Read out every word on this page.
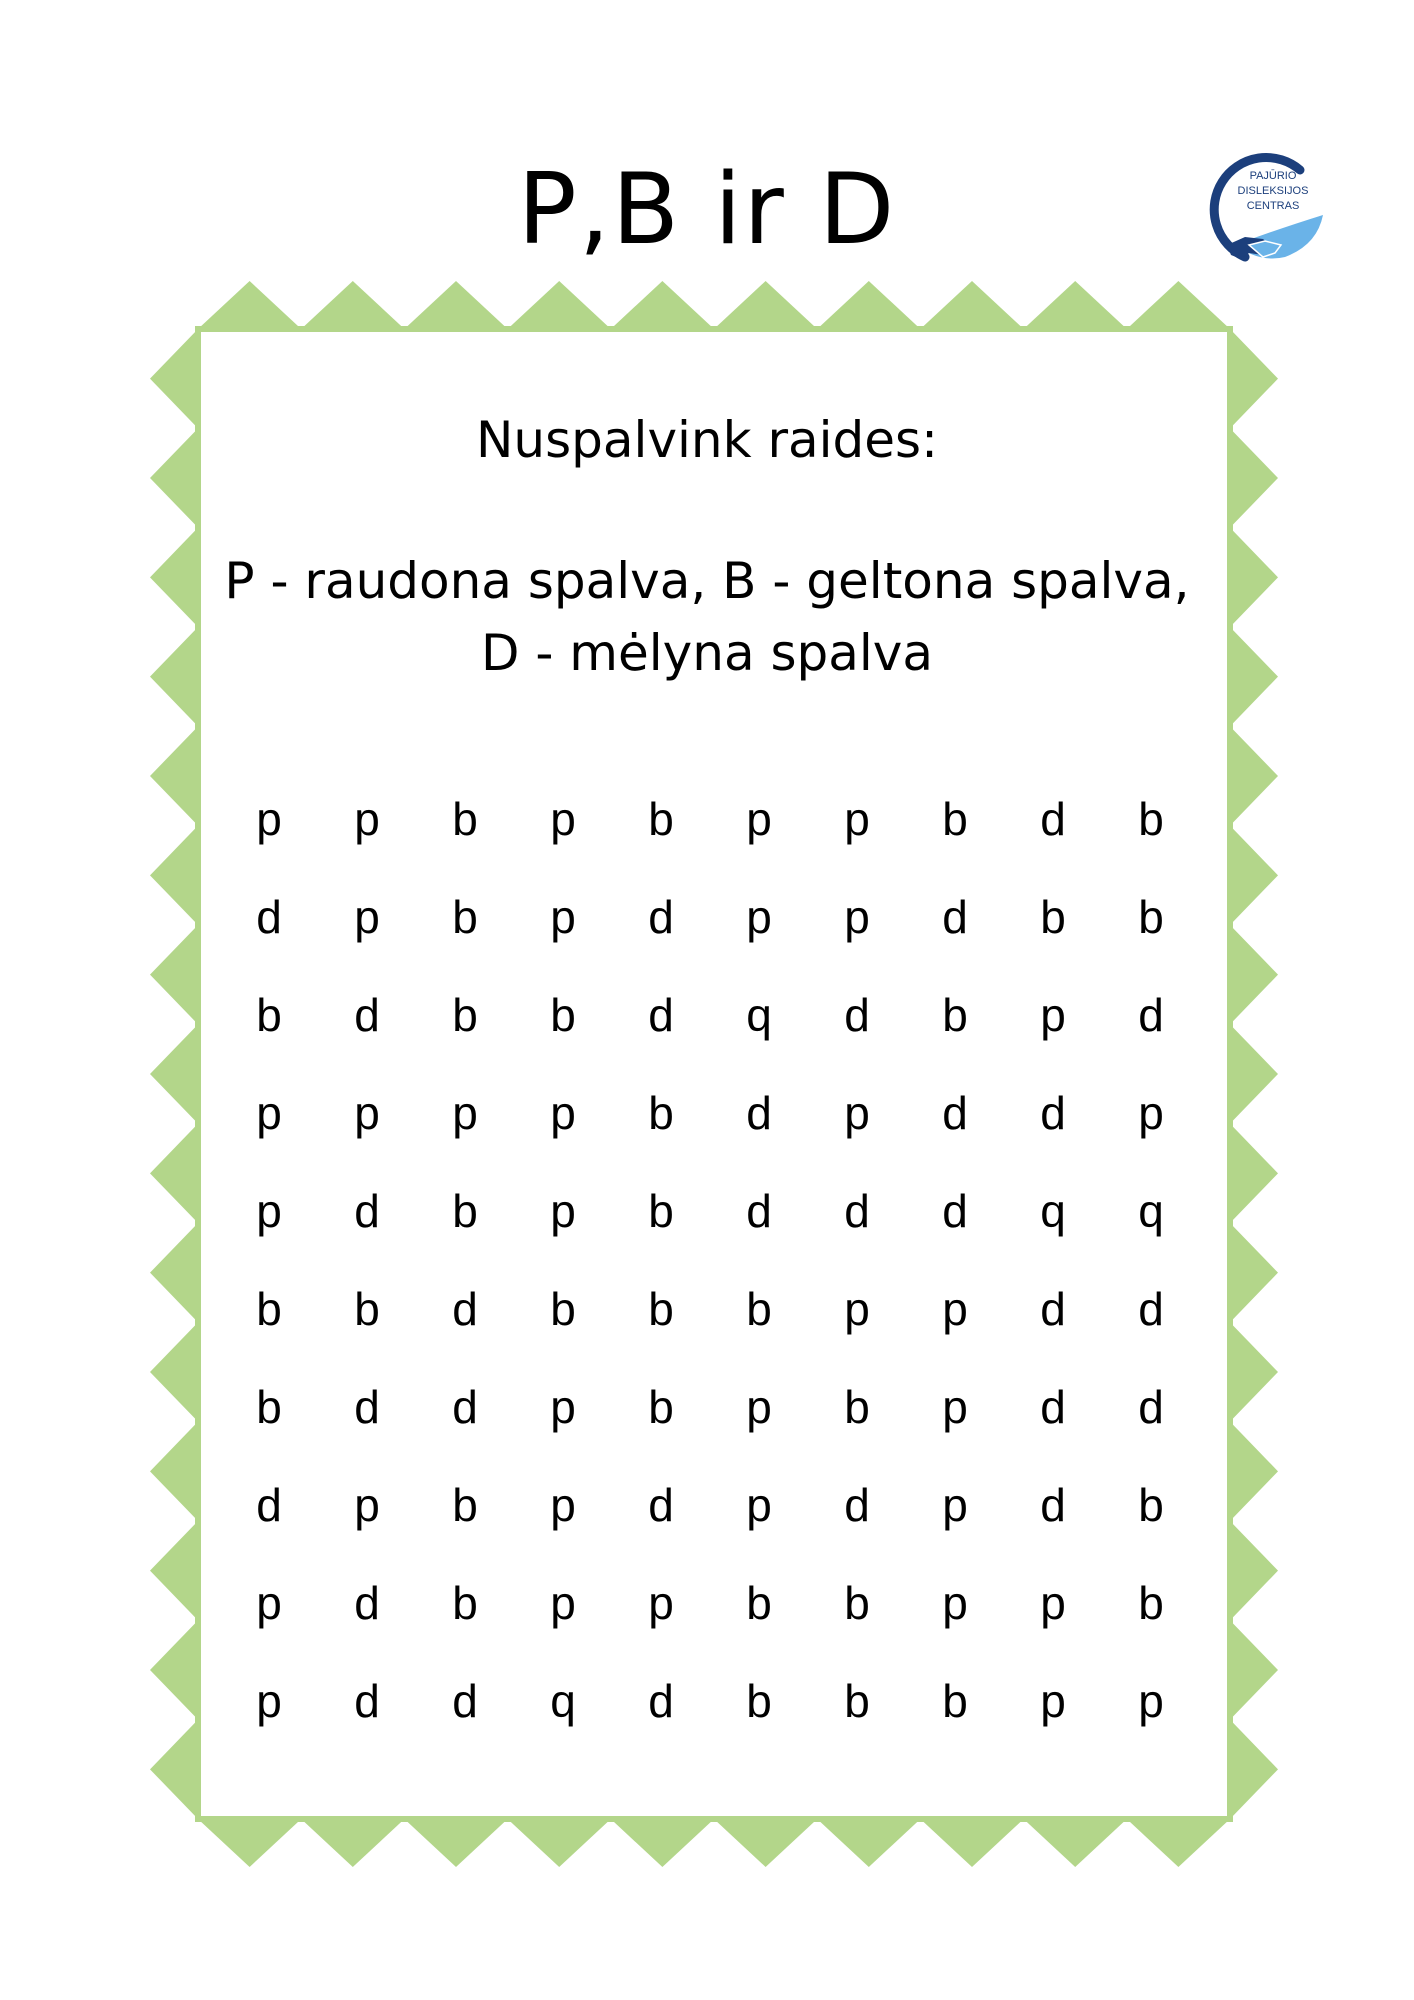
P,B ir D	PAJŪRIO
DISLEKSIJOS
CENTRAS

Nuspalvink raides:

P - raudona spalva, B - geltona spalva,
D - mėlyna spalva
p	p	b	p	b	p	p	b	d	b
d	p	b	p	d	p	p	d	b	b
b	d	b	b	d	q	d	b	p	d
p	p	p	p	b	d	p	d	d	p
p	d	b	p	b	d	d	d	q	q
b	b	d	b	b	b	p	p	d	d
b	d	d	p	b	p	b	p	d	d
d	p	b	p	d	p	d	p	d	b
p	d	b	p	p	b	b	p	p	b
p	d	d	q	d	b	b	b	p	p
